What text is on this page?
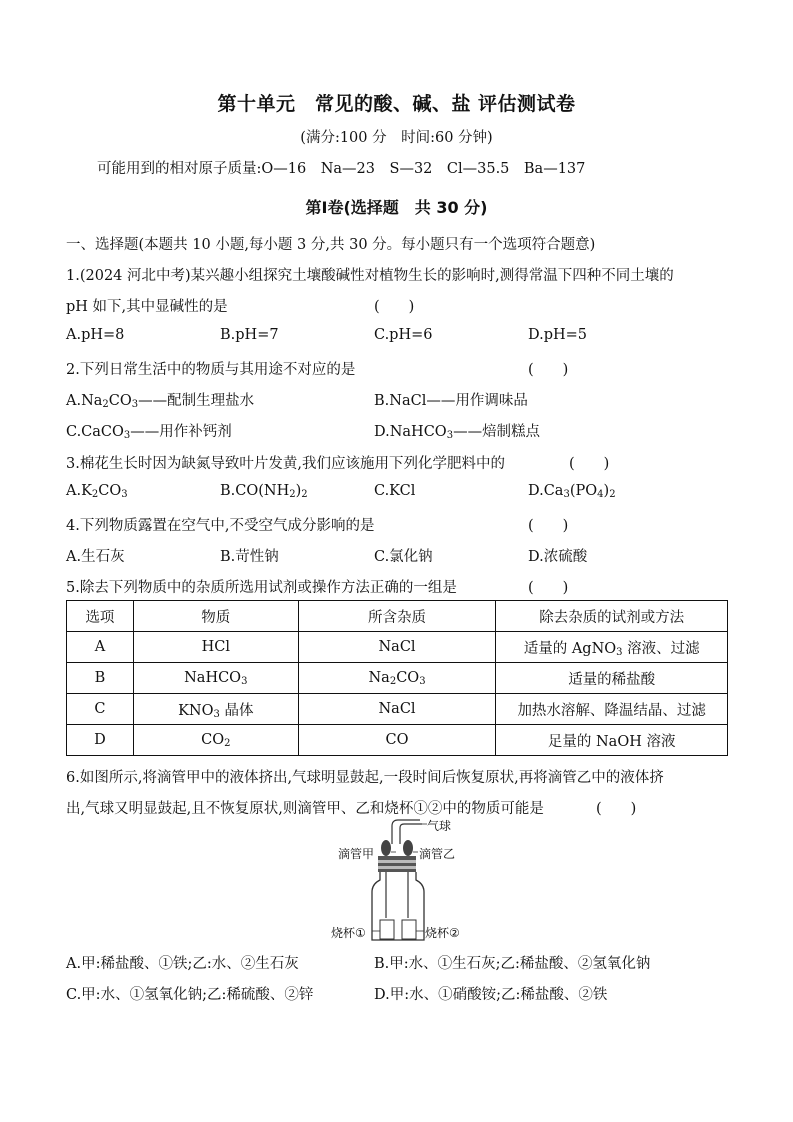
第十单元　常见的酸、碱、盐 评估测试卷
(满分:100 分　时间:60 分钟)
可能用到的相对原子质量:O—16　Na—23　S—32　Cl—35.5　Ba—137
第Ⅰ卷(选择题　共 30 分)
一、选择题(本题共 10 小题,每小题 3 分,共 30 分。每小题只有一个选项符合题意)
1.(2024 河北中考)某兴趣小组探究土壤酸碱性对植物生长的影响时,测得常温下四种不同土壤的
pH 如下,其中显碱性的是	(　　)
A.pH=8	B.pH=7	C.pH=6	D.pH=5
2.下列日常生活中的物质与其用途不对应的是	(　　)
$A.Na_2CO_3——$配制生理盐水	B.NaCl——用作调味品
C.CaCO$_3$——用作补钙剂	D.NaHCO$_3$——焙制糕点
3.棉花生长时因为缺氮导致叶片发黄,我们应该施用下列化学肥料中的	(　　)
$A.K_2CO_3$	$B.CO(NH_2)_2$	C.KCl	$D.Ca_3(PO_4)_2$
4.下列物质露置在空气中,不受空气成分影响的是	(　　)
A.生石灰	B.苛性钠	C.氯化钠	D.浓硫酸
5.除去下列物质中的杂质所选用试剂或操作方法正确的一组是	(　　)
选项	物质	所含杂质	除去杂质的试剂或方法
A	HCl	NaCl	适量的 AgNO$_3$ 溶液、过滤
B	NaHCO$_3$	$Na_2CO_3$	适量的稀盐酸
C	$KNO_3$ 晶体	NaCl	加热水溶解、降温结晶、过滤
D	$CO_2$	CO	足量的 NaOH 溶液
6.如图所示,将滴管甲中的液体挤出,气球明显鼓起,一段时间后恢复原状,再将滴管乙中的液体挤
出,气球又明显鼓起,且不恢复原状,则滴管甲、乙和烧杯①②中的物质可能是	(　　)
气球
滴管甲	滴管乙
烧杯①	烧杯②
A.甲:稀盐酸、①铁;乙:水、②生石灰	B.甲:水、①生石灰;乙:稀盐酸、②氢氧化钠
C.甲:水、①氢氧化钠;乙:稀硫酸、②锌	D.甲:水、①硝酸铵;乙:稀盐酸、②铁
